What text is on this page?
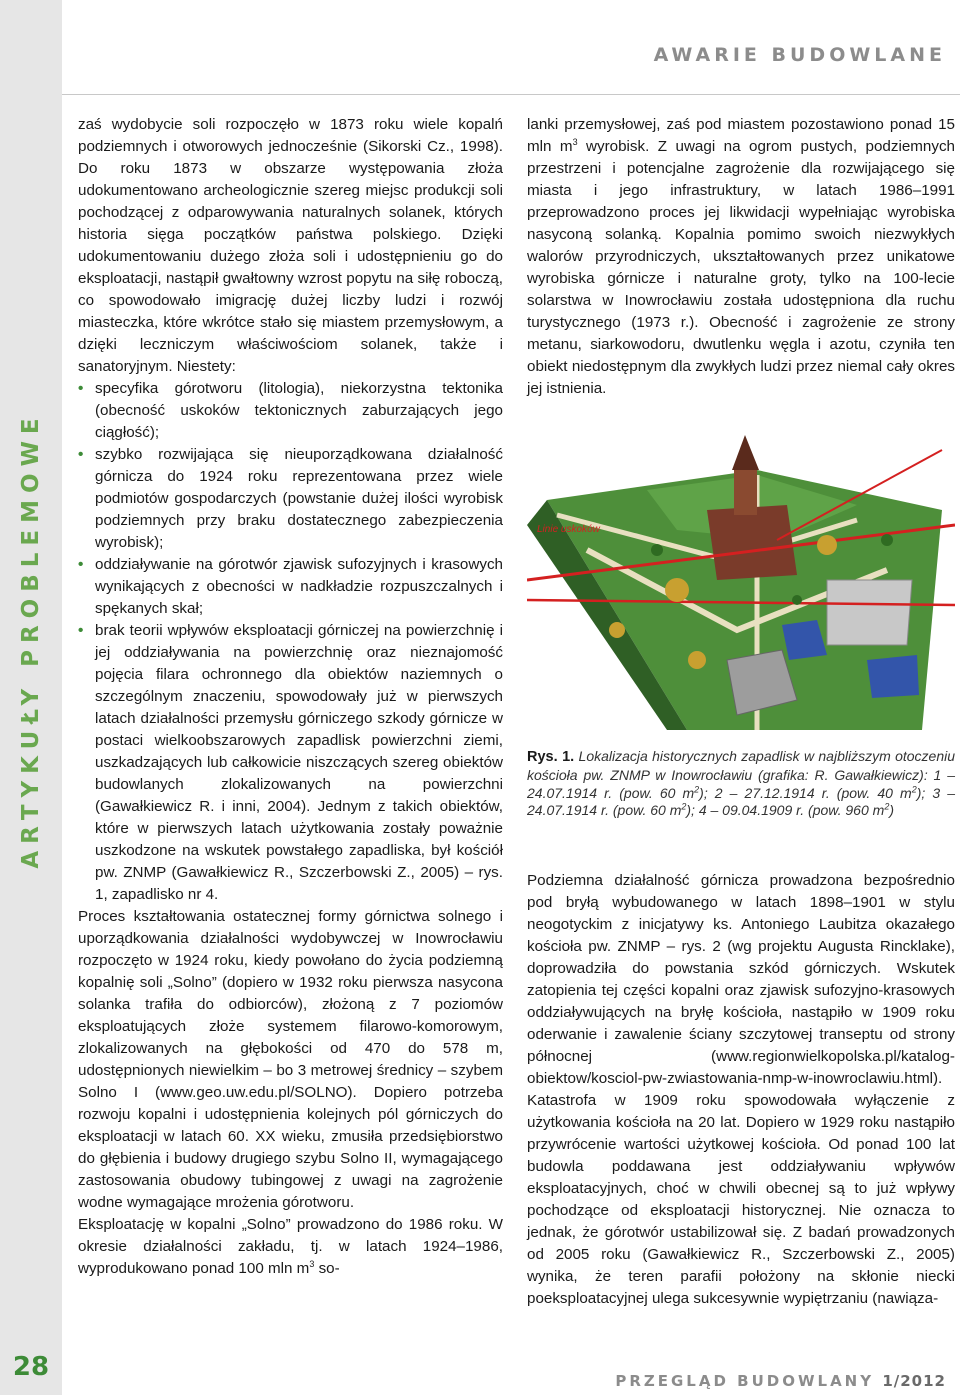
ARTYKUŁY PROBLEMOWE
28
AWARIE BUDOWLANE

zaś wydobycie soli rozpoczęło w 1873 roku wiele kopalń podziemnych i otworowych jednocześnie (Sikorski Cz., 1998). Do roku 1873 w obszarze występowania złoża udokumentowano archeologicznie szereg miejsc produkcji soli pochodzącej z odparowywania naturalnych solanek, których historia sięga początków państwa polskiego. Dzięki udokumentowaniu dużego złoża soli i udostępnieniu go do eksploatacji, nastąpił gwałtowny wzrost popytu na siłę roboczą, co spowodowało imigrację dużej liczby ludzi i rozwój miasteczka, które wkrótce stało się miastem przemysłowym, a dzięki leczniczym właściwościom solanek, także i sanatoryjnym. Niestety:

• specyfika górotworu (litologia), niekorzystna tektonika (obecność uskoków tektonicznych zaburzających jego ciągłość);
• szybko rozwijająca się nieuporządkowana działalność górnicza do 1924 roku reprezentowana przez wiele podmiotów gospodarczych (powstanie dużej ilości wyrobisk podziemnych przy braku dostatecznego zabezpieczenia wyrobisk);
• oddziaływanie na górotwór zjawisk sufozyjnych i krasowych wynikających z obecności w nadkładzie rozpuszczalnych i spękanych skał;
• brak teorii wpływów eksploatacji górniczej na powierzchnię i jej oddziaływania na powierzchnię oraz nieznajomość pojęcia filara ochronnego dla obiektów naziemnych o szczególnym znaczeniu, spowodowały już w pierwszych latach działalności przemysłu górniczego szkody górnicze w postaci wielkoobszarowych zapadlisk powierzchni ziemi, uszkadzających lub całkowicie niszczących szereg obiektów budowlanych zlokalizowanych na powierzchni (Gawałkiewicz R. i inni, 2004). Jednym z takich obiektów, które w pierwszych latach użytkowania zostały poważnie uszkodzone na wskutek powstałego zapadliska, był kościół pw. ZNMP (Gawałkiewicz R., Szczerbowski Z., 2005) – rys. 1, zapadlisko nr 4.

Proces kształtowania ostatecznej formy górnictwa solnego i uporządkowania działalności wydobywczej w Inowrocławiu rozpoczęto w 1924 roku, kiedy powołano do życia podziemną kopalnię soli „Solno” (dopiero w 1932 roku pierwsza nasycona solanka trafiła do odbiorców), złożoną z 7 poziomów eksploatujących złoże systemem filarowo-komorowym, zlokalizowanych na głębokości od 470 do 578 m, udostępnionych niewielkim – bo 3 metrowej średnicy – szybem Solno I (www.geo.uw.edu.pl/SOLNO). Dopiero potrzeba rozwoju kopalni i udostępnienia kolejnych pól górniczych do eksploatacji w latach 60. XX wieku, zmusiła przedsiębiorstwo do głębienia i budowy drugiego szybu Solno II, wymagającego zastosowania obudowy tubingowej z uwagi na zagrożenie wodne wymagające mrożenia górotworu.

Eksploatację w kopalni „Solno” prowadzono do 1986 roku. W okresie działalności zakładu, tj. w latach 1924–1986, wyprodukowano ponad 100 mln $m^3$ so-

lanki przemysłowej, zaś pod miastem pozostawiono ponad 15 mln $m^3$ wyrobisk. Z uwagi na ogrom pustych, podziemnych przestrzeni i potencjalne zagrożenie dla rozwijającego się miasta i jego infrastruktury, w latach 1986–1991 przeprowadzono proces jej likwidacji wypełniając wyrobiska nasyconą solanką. Kopalnia pomimo swoich niezwykłych walorów przyrodniczych, ukształtowanych przez unikatowe wyrobiska górnicze i naturalne groty, tylko na 100-lecie solarstwa w Inowrocławiu została udostępniona dla ruchu turystycznego (1973 r.). Obecność i zagrożenie ze strony metanu, siarkowodoru, dwutlenku węgla i azotu, czyniła ten obiekt niedostępnym dla zwykłych ludzi przez niemal cały okres jej istnienia.

Linie uskoków
Rys. 1. Lokalizacja historycznych zapadlisk w najbliższym otoczeniu kościoła pw. ZNMP w Inowrocławiu (grafika: R. Gawałkiewicz): 1 – 24.07.1914 r. (pow. 60 $m^2$); 2 – 27.12.1914 r. (pow. 40 $m^2$); 3 – 24.07.1914 r. (pow. 60 $m^2$); 4 – 09.04.1909 r. (pow. 960 $m^2$)

Podziemna działalność górnicza prowadzona bezpośrednio pod bryłą wybudowanego w latach 1898–1901 w stylu neogotyckim z inicjatywy ks. Antoniego Laubitza okazałego kościoła pw. ZNMP – rys. 2 (wg projektu Augusta Rincklake), doprowadziła do powstania szkód górniczych. Wskutek zatopienia tej części kopalni oraz zjawisk sufozyjno-krasowych oddziaływujących na bryłę kościoła, nastąpiło w 1909 roku oderwanie i zawalenie ściany szczytowej transeptu od strony północnej (www.regionwielkopolska.pl/katalog-obiektow/kosciol-pw-zwiastowania-nmp-w-inowroclawiu.html).

Katastrofa w 1909 roku spowodowała wyłączenie z użytkowania kościoła na 20 lat. Dopiero w 1929 roku nastąpiło przywrócenie wartości użytkowej kościoła. Od ponad 100 lat budowla poddawana jest oddziaływaniu wpływów eksploatacyjnych, choć w chwili obecnej są to już wpływy pochodzące od eksploatacji historycznej. Nie oznacza to jednak, że górotwór ustabilizował się. Z badań prowadzonych od 2005 roku (Gawałkiewicz R., Szczerbowski Z., 2005) wynika, że teren parafii położony na skłonie niecki poeksploatacyjnej ulega sukcesywnie wypiętrzaniu (nawiąza-

PRZEGLĄD BUDOWLANY 1/2012
